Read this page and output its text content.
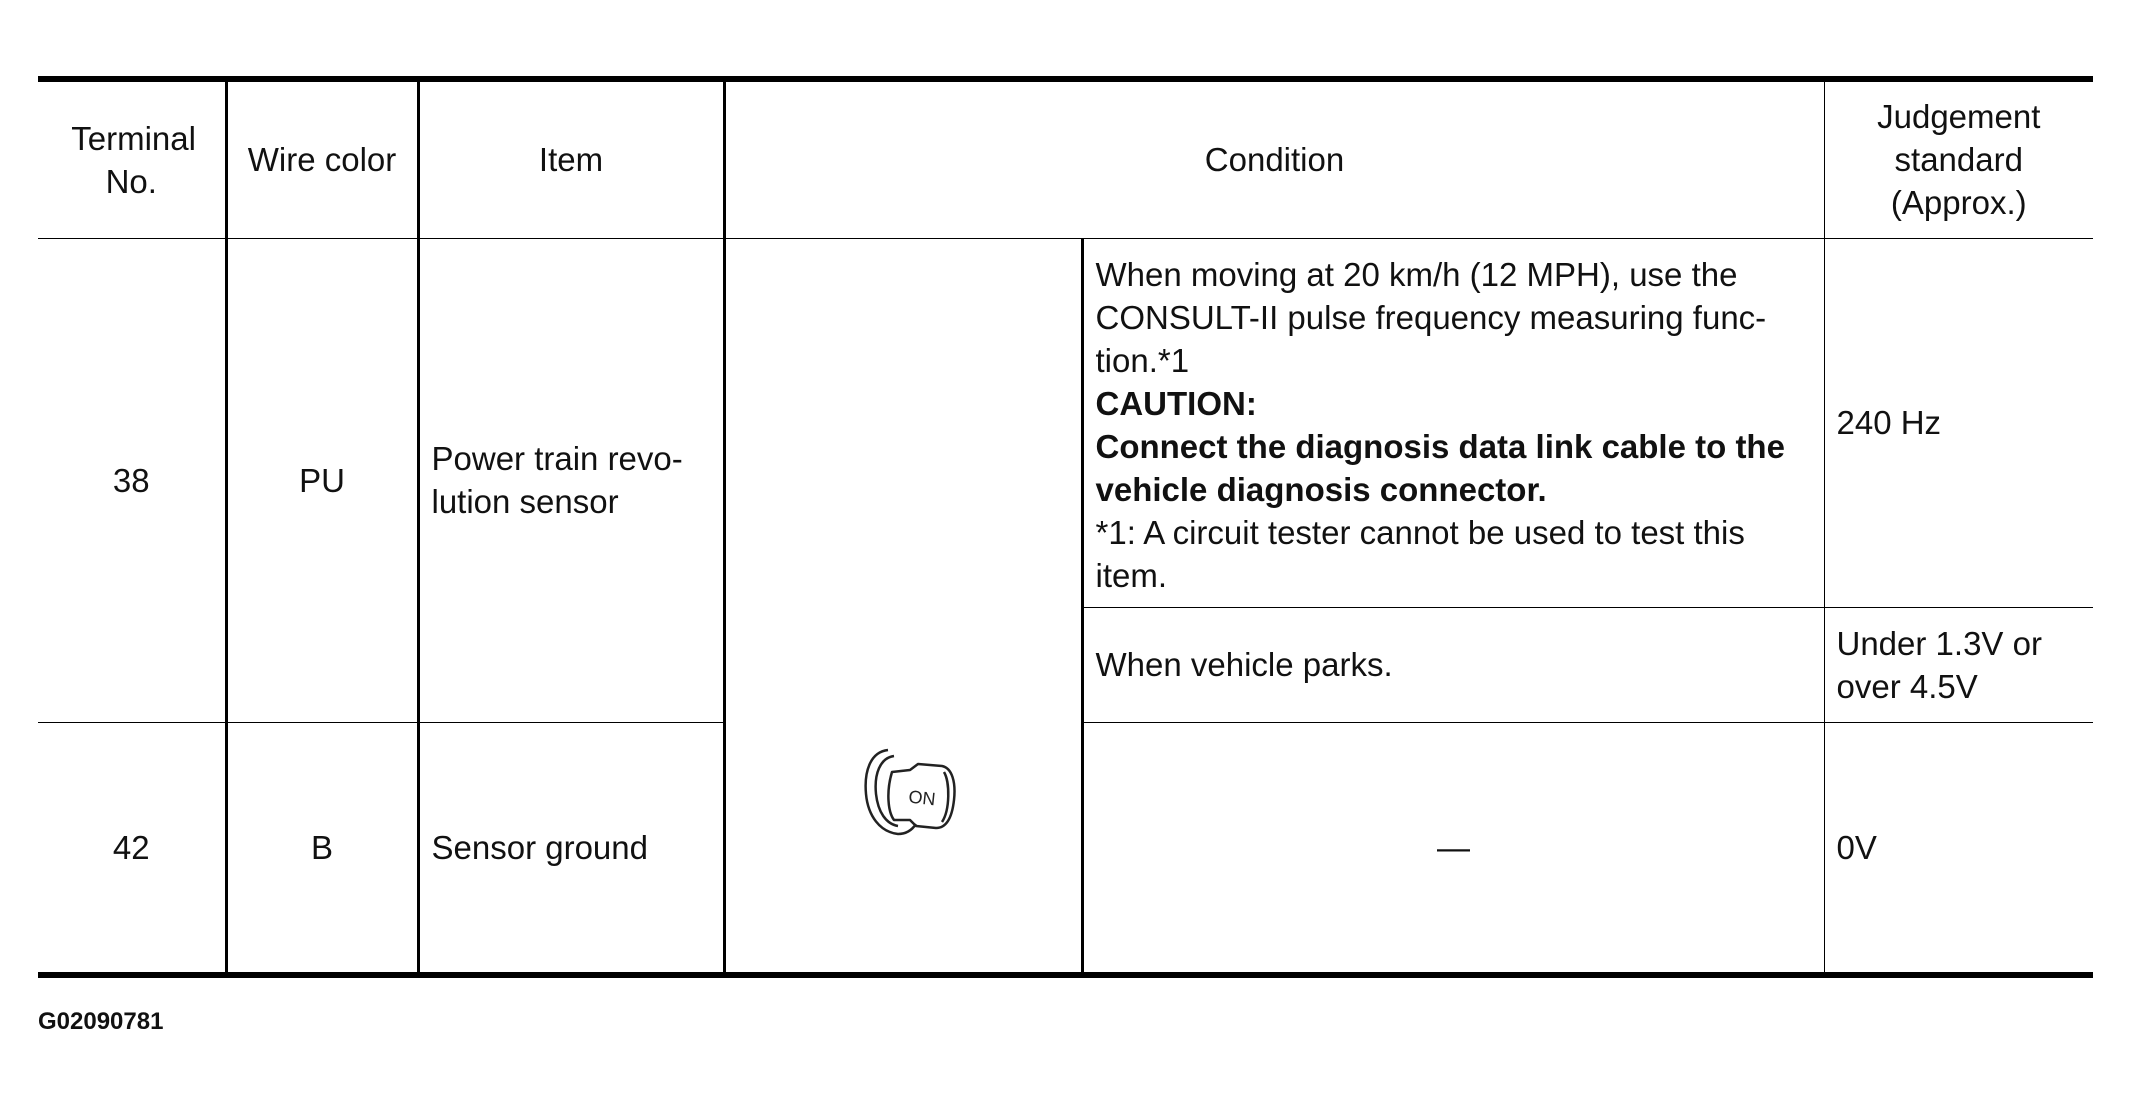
Terminal No.	Wire color	Item	Condition		Judgement standard (Approx.)
38	PU	Power train revo- lution sensor		When moving at 20 km/h (12 MPH), use the CONSULT-II pulse frequency measuring func- tion.*1
CAUTION:
Connect the diagnosis data link cable to the vehicle diagnosis connector.
*1: A circuit tester cannot be used to test this item.	240 Hz
				When vehicle parks.	Under 1.3V or over 4.5V
42	B	Sensor ground		—	0V
ON
G02090781
